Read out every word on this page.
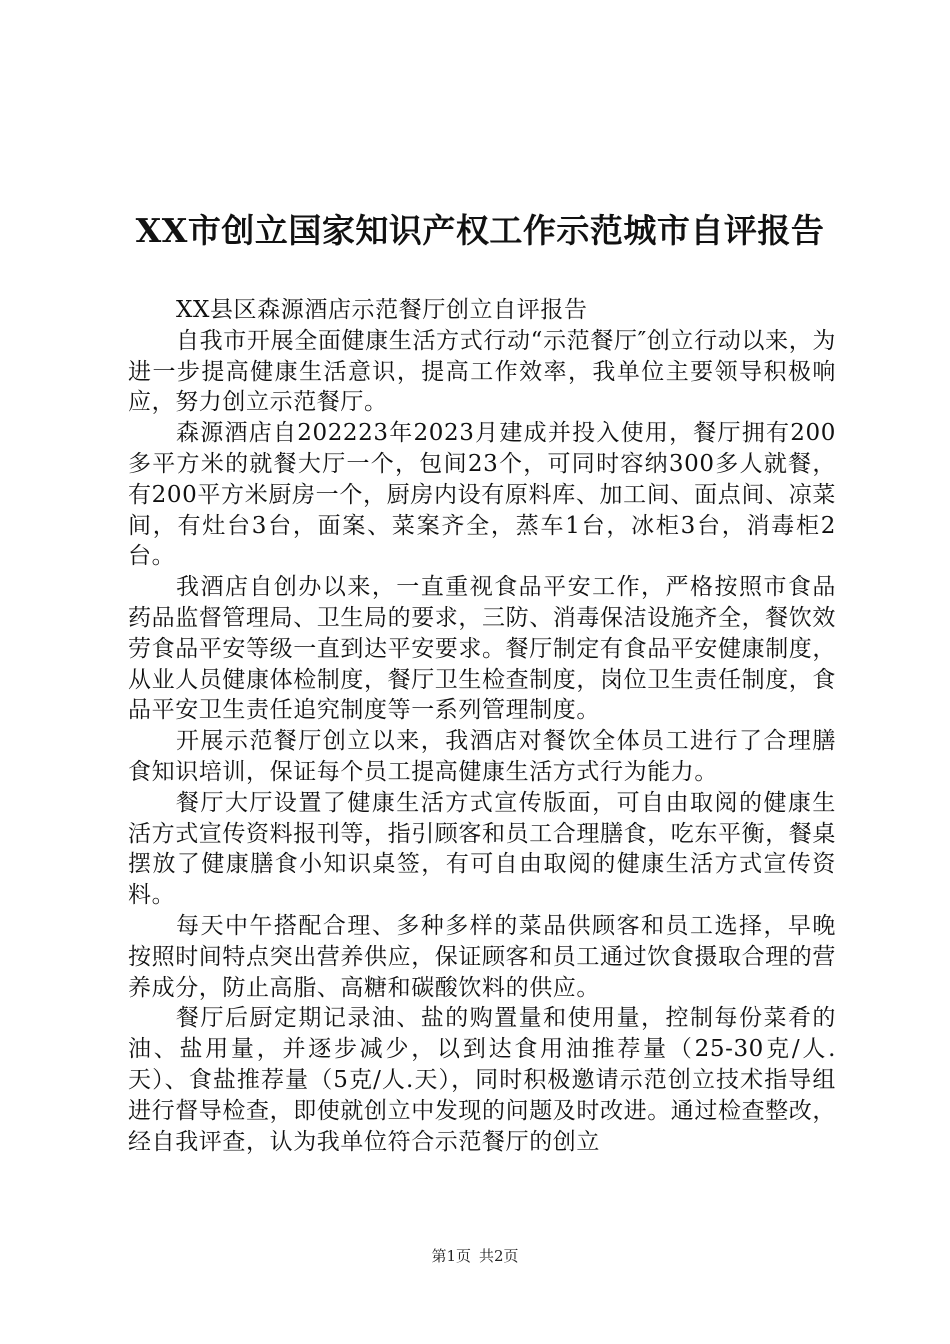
XX市创立国家知识产权工作示范城市自评报告

XX县区森源酒店示范餐厅创立自评报告

自我市开展全面健康生活方式行动“示范餐厅″创立行动以来，为进一步提高健康生活意识，提高工作效率，我单位主要领导积极响应，努力创立示范餐厅。

森源酒店自202223年2023月建成并投入使用，餐厅拥有200多平方米的就餐大厅一个，包间23个，可同时容纳300多人就餐，有200平方米厨房一个，厨房内设有原料库、加工间、面点间、凉菜间，有灶台3台，面案、菜案齐全，蒸车1台，冰柜3台，消毒柜2台。

我酒店自创办以来，一直重视食品平安工作，严格按照市食品药品监督管理局、卫生局的要求，三防、消毒保洁设施齐全，餐饮效劳食品平安等级一直到达平安要求。餐厅制定有食品平安健康制度，从业人员健康体检制度，餐厅卫生检查制度，岗位卫生责任制度，食品平安卫生责任追究制度等一系列管理制度。

开展示范餐厅创立以来，我酒店对餐饮全体员工进行了合理膳食知识培训，保证每个员工提高健康生活方式行为能力。

餐厅大厅设置了健康生活方式宣传版面，可自由取阅的健康生活方式宣传资料报刊等，指引顾客和员工合理膳食，吃东平衡，餐桌摆放了健康膳食小知识桌签，有可自由取阅的健康生活方式宣传资料。

每天中午搭配合理、多种多样的菜品供顾客和员工选择，早晚按照时间特点突出营养供应，保证顾客和员工通过饮食摄取合理的营养成分，防止高脂、高糖和碳酸饮料的供应。

餐厅后厨定期记录油、盐的购置量和使用量，控制每份菜肴的油、盐用量，并逐步减少，以到达食用油推荐量（25-30克/人.天）、食盐推荐量（5克/人.天），同时积极邀请示范创立技术指导组进行督导检查，即使就创立中发现的问题及时改进。通过检查整改，经自我评查，认为我单位符合示范餐厅的创立

第1页 共2页
